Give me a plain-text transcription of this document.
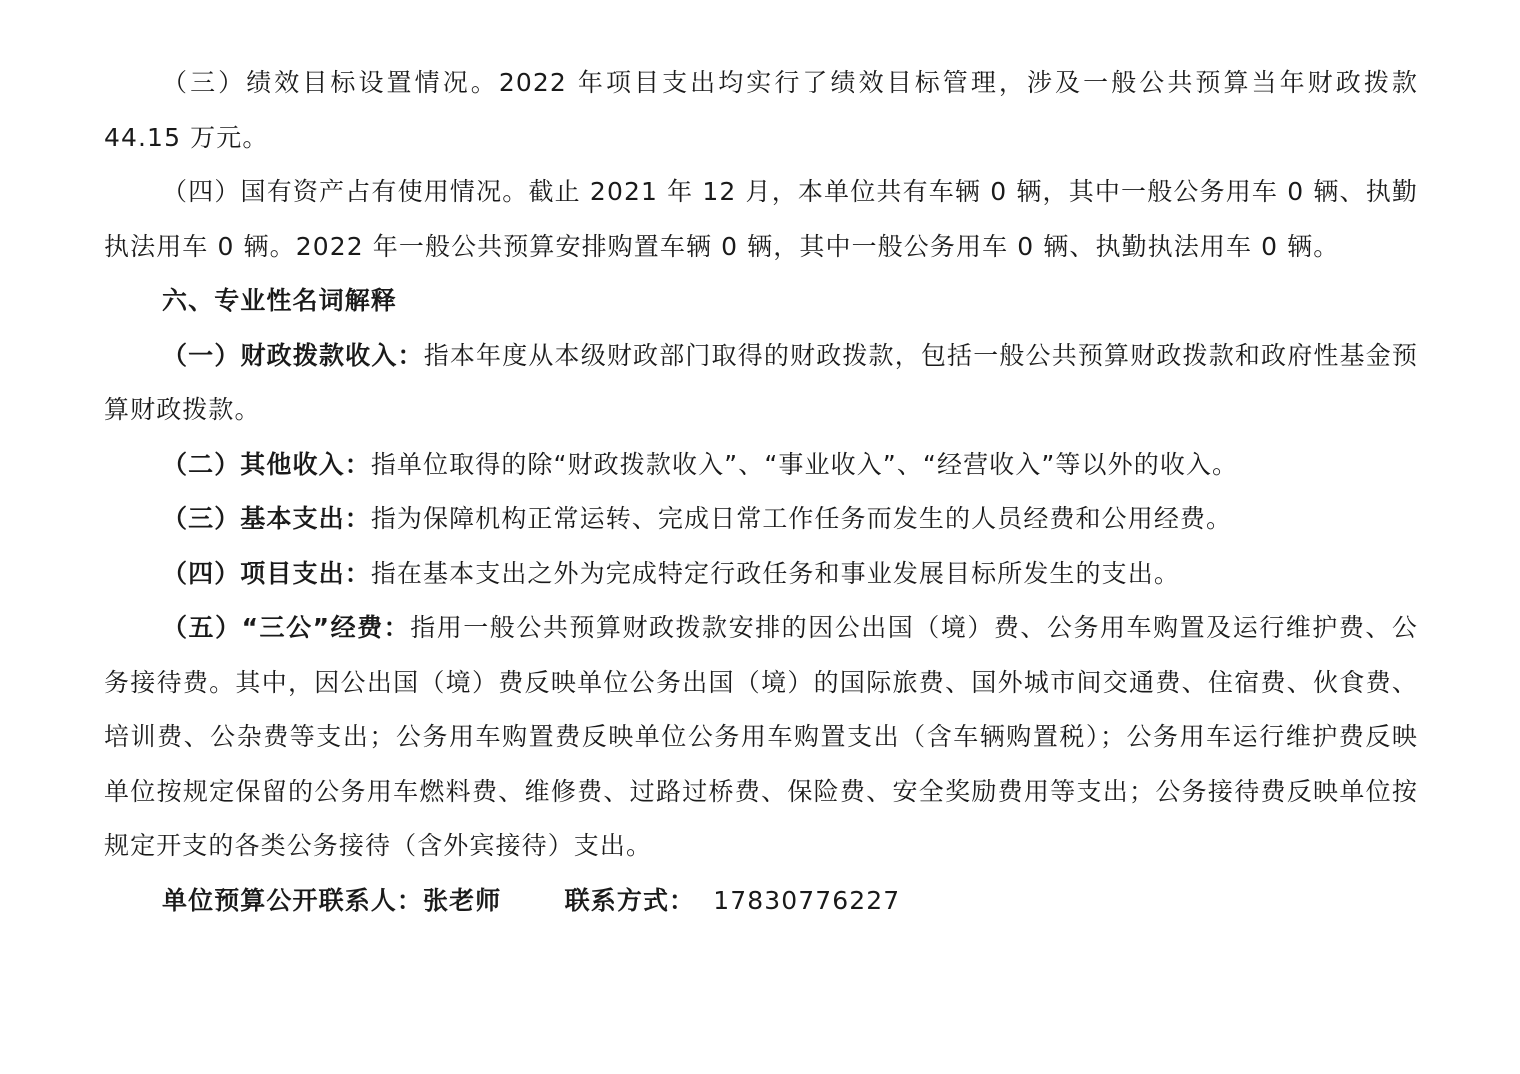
（三）绩效目标设置情况。2022 年项目支出均实行了绩效目标管理，涉及一般公共预算当年财政拨款 44.15 万元。

（四）国有资产占有使用情况。截止 2021 年 12 月，本单位共有车辆 0 辆，其中一般公务用车 0 辆、执勤执法用车 0 辆。2022 年一般公共预算安排购置车辆 0 辆，其中一般公务用车 0 辆、执勤执法用车 0 辆。

六、专业性名词解释

（一）财政拨款收入：指本年度从本级财政部门取得的财政拨款，包括一般公共预算财政拨款和政府性基金预算财政拨款。

（二）其他收入：指单位取得的除“财政拨款收入”、“事业收入”、“经营收入”等以外的收入。

（三）基本支出：指为保障机构正常运转、完成日常工作任务而发生的人员经费和公用经费。

（四）项目支出：指在基本支出之外为完成特定行政任务和事业发展目标所发生的支出。

（五）“三公”经费：指用一般公共预算财政拨款安排的因公出国（境）费、公务用车购置及运行维护费、公务接待费。其中，因公出国（境）费反映单位公务出国（境）的国际旅费、国外城市间交通费、住宿费、伙食费、培训费、公杂费等支出；公务用车购置费反映单位公务用车购置支出（含车辆购置税）；公务用车运行维护费反映单位按规定保留的公务用车燃料费、维修费、过路过桥费、保险费、安全奖励费用等支出；公务接待费反映单位按规定开支的各类公务接待（含外宾接待）支出。

单位预算公开联系人：张老师	联系方式： 17830776227
